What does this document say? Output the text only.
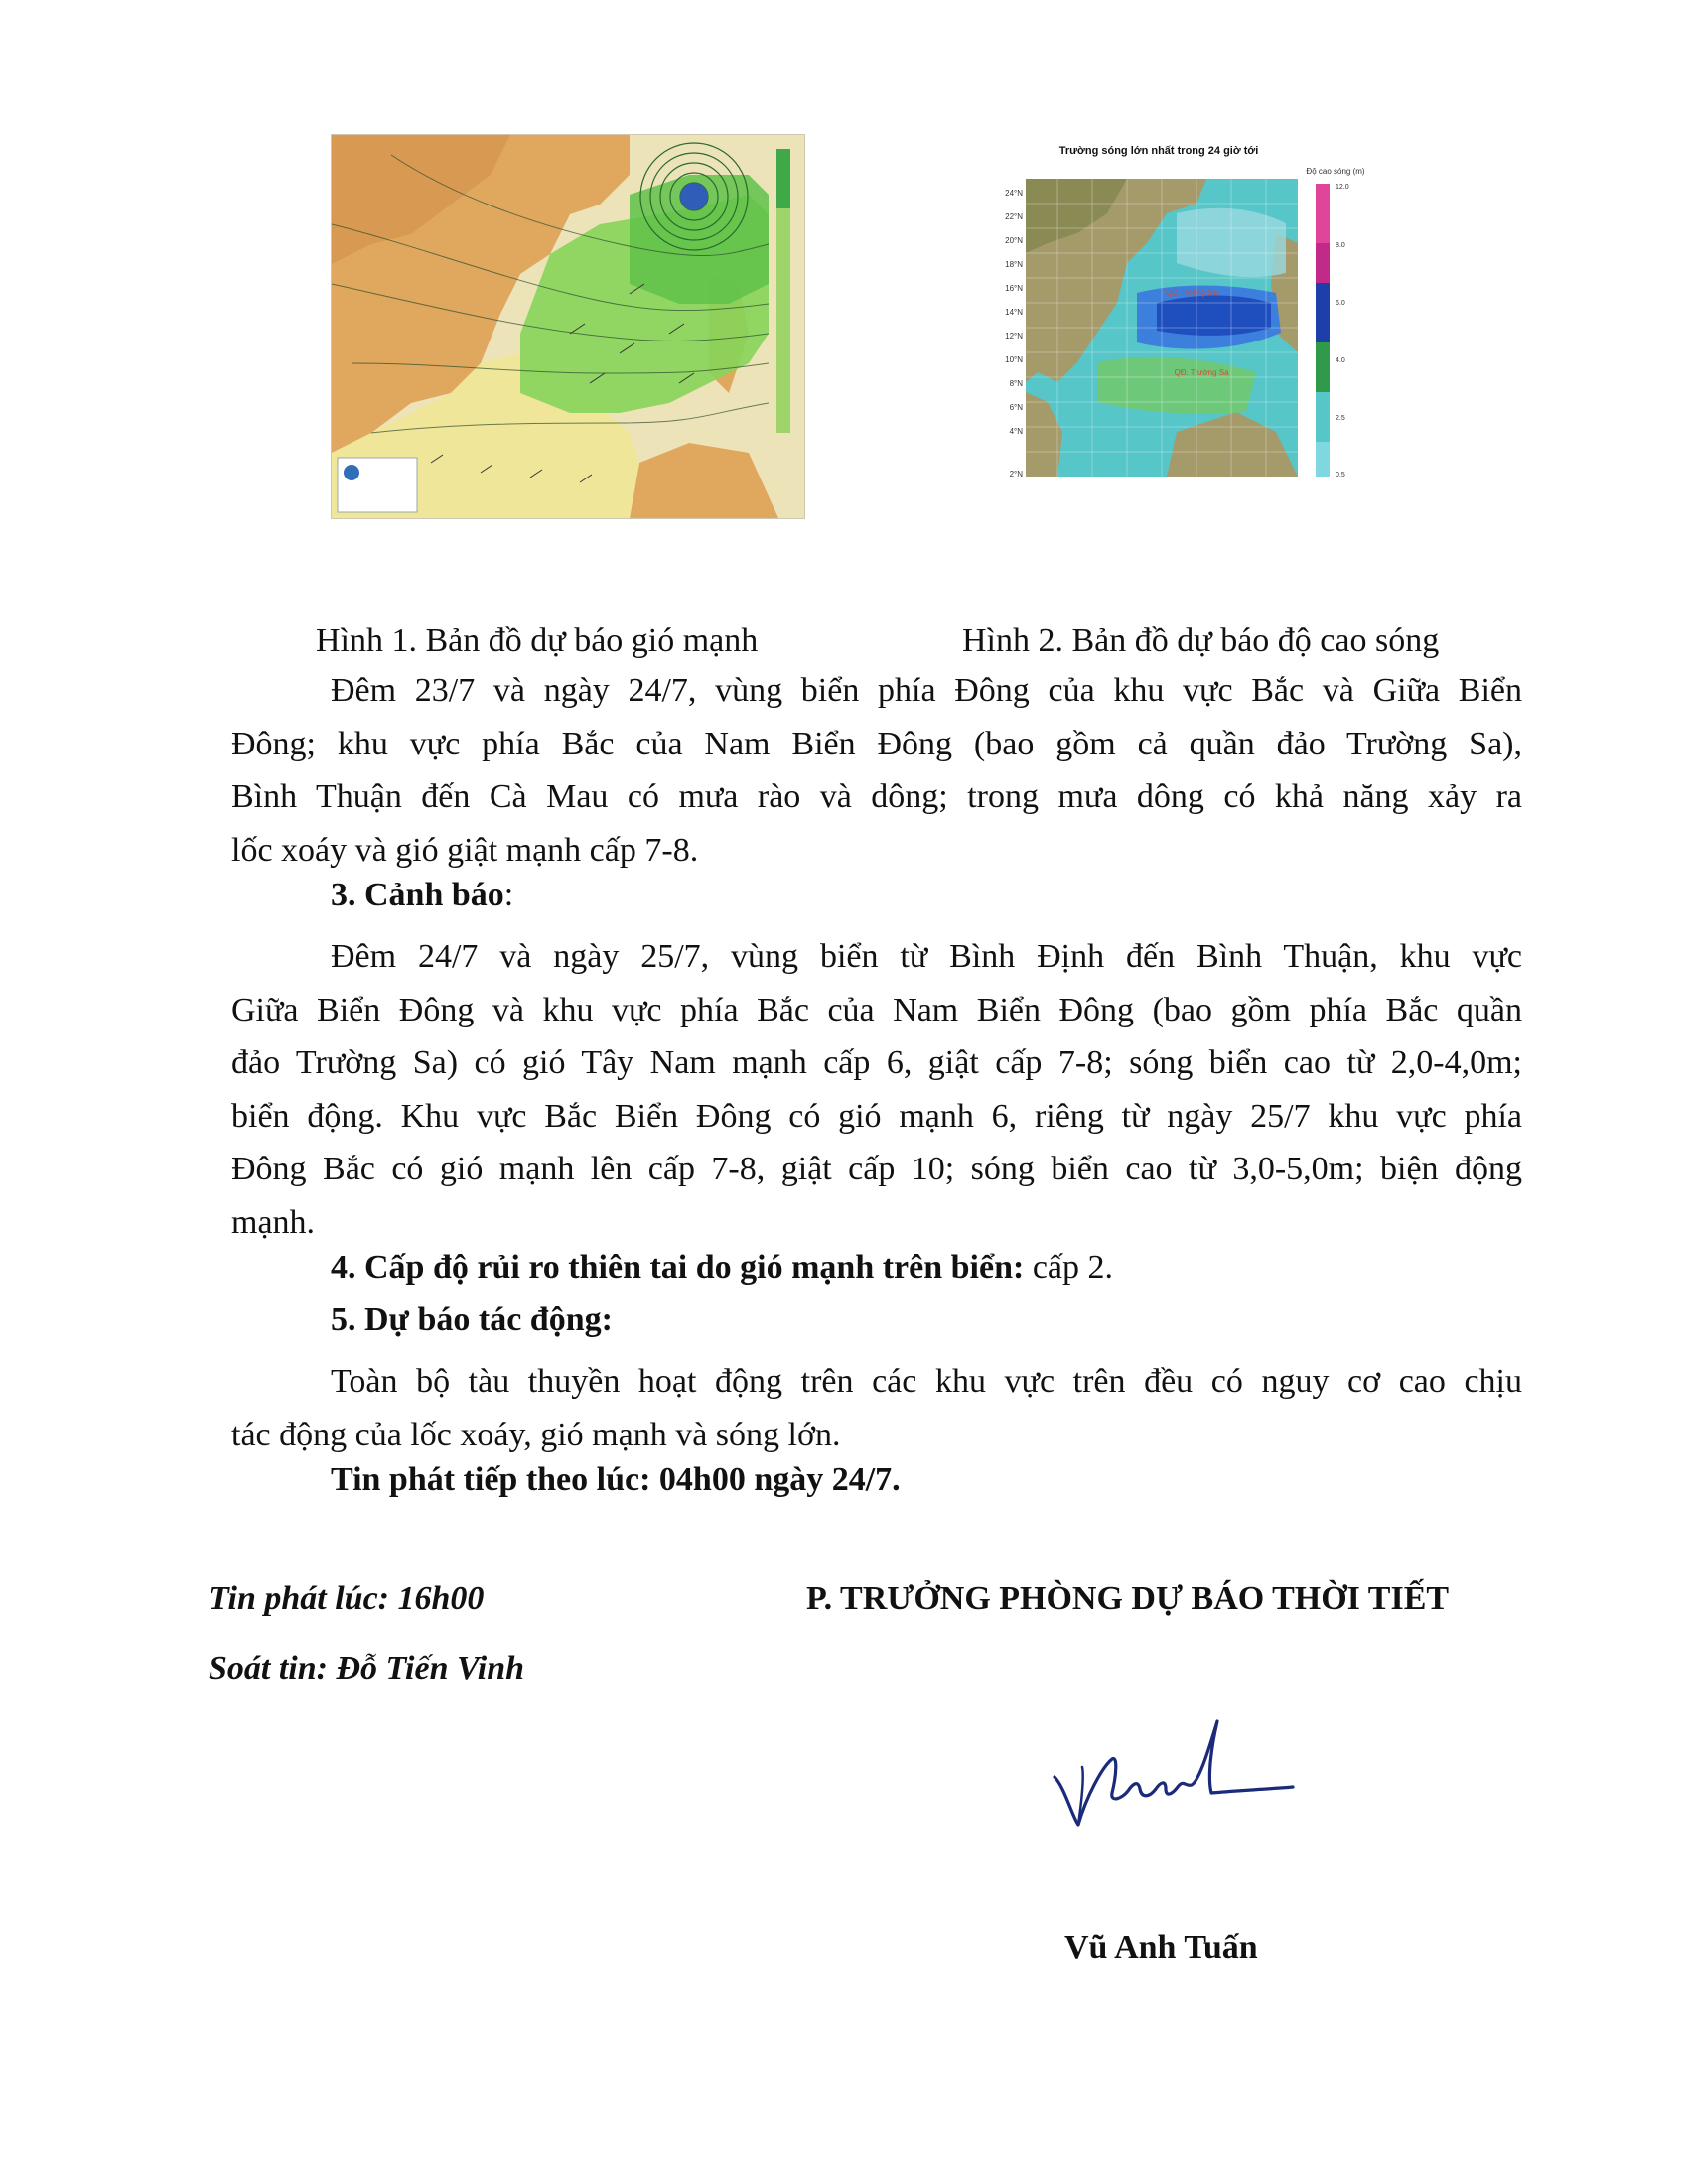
Trường sóng lớn nhất trong 24 giờ tới
Độ cao sóng (m)
QĐ. Hoàng Sa
QĐ. Trường Sa
24°N
22°N
20°N
18°N
16°N
14°N
12°N
10°N
8°N
6°N
4°N
2°N
12.0
8.0
6.0
4.0
2.5
0.5
Hình 1. Bản đồ dự báo gió mạnh	Hình 2. Bản đồ dự báo độ cao sóng
Đêm 23/7 và ngày 24/7, vùng biển phía Đông của khu vực Bắc và Giữa Biển
Đông; khu vực phía Bắc của Nam Biển Đông (bao gồm cả quần đảo Trường Sa),
Bình Thuận đến Cà Mau có mưa rào và dông; trong mưa dông có khả năng xảy ra
lốc xoáy và gió giật mạnh cấp 7-8.
3. Cảnh báo:
Đêm 24/7 và ngày 25/7, vùng biển từ Bình Định đến Bình Thuận, khu vực
Giữa Biển Đông và khu vực phía Bắc của Nam Biển Đông (bao gồm phía Bắc quần
đảo Trường Sa) có gió Tây Nam mạnh cấp 6, giật cấp 7-8; sóng biển cao từ 2,0-4,0m;
biển động. Khu vực Bắc Biển Đông có gió mạnh 6, riêng từ ngày 25/7 khu vực phía
Đông Bắc có gió mạnh lên cấp 7-8, giật cấp 10; sóng biển cao từ 3,0-5,0m; biện động
mạnh.
4. Cấp độ rủi ro thiên tai do gió mạnh trên biển: cấp 2.
5. Dự báo tác động:
Toàn bộ tàu thuyền hoạt động trên các khu vực trên đều có nguy cơ cao chịu
tác động của lốc xoáy, gió mạnh và sóng lớn.
Tin phát tiếp theo lúc: 04h00 ngày 24/7.
Tin phát lúc: 16h00
Soát tin: Đỗ Tiến Vinh
P. TRƯỞNG PHÒNG DỰ BÁO THỜI TIẾT
Vũ Anh Tuấn
